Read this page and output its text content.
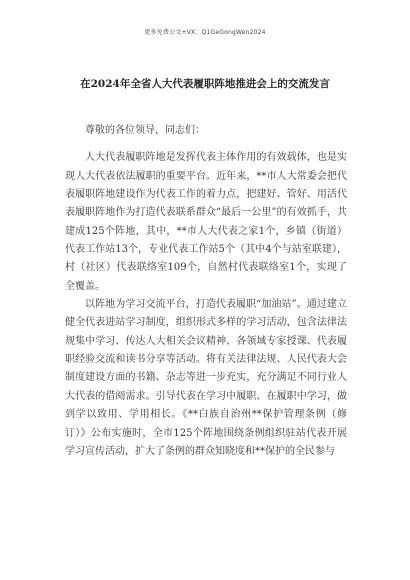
更多免费公文+VX：Q1GeGongWen2024
在2024年全省人大代表履职阵地推进会上的交流发言

尊敬的各位领导，同志们：

人大代表履职阵地是发挥代表主体作用的有效载体，也是实现人大代表依法履职的重要平台。近年来，**市人大常委会把代表履职阵地建设作为代表工作的着力点，把建好、管好、用活代表履职阵地作为打造代表联系群众“最后一公里”的有效抓手，共建成125个阵地，其中，**市人大代表之家1个，乡镇（街道）代表工作站13个，专业代表工作站5个（其中4个与站室联建），村（社区）代表联络室109个，自然村代表联络室1个，实现了全覆盖。

以阵地为学习交流平台，打造代表履职“加油站”。通过建立健全代表进站学习制度，组织形式多样的学习活动，包含法律法规集中学习、传达人大相关会议精神、各领域专家授课、代表履职经验交流和读书分享等活动。将有关法律法规、人民代表大会制度建设方面的书籍、杂志等进一步充实，充分满足不同行业人大代表的借阅需求。引导代表在学习中履职、在履职中学习，做到学以致用、学用相长。《**白族自治州**保护管理条例（修订）》公布实施时，全市125个阵地围绕条例组织驻站代表开展学习宣传活动，扩大了条例的群众知晓度和**保护的全民参与
